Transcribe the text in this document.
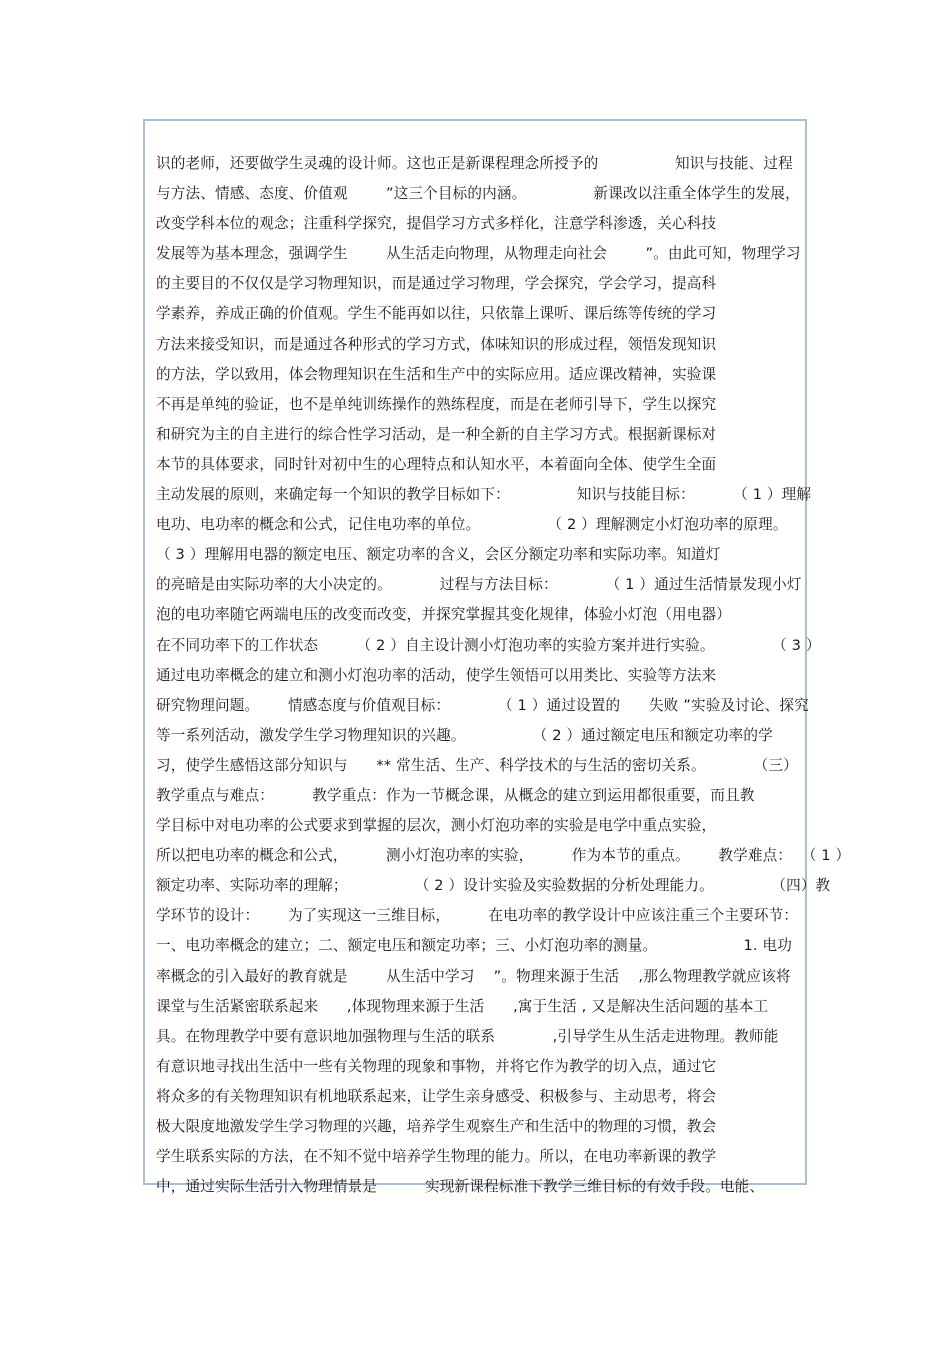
识的老师，还要做学生灵魂的设计师。这也正是新课程理念所授予的                知识与技能、过程
与方法、情感、态度、价值观        ”这三个目标的内涵。              新课改以注重全体学生的发展，
改变学科本位的观念；注重科学探究，提倡学习方式多样化，注意学科渗透，关心科技
发展等为基本理念，强调学生        从生活走向物理，从物理走向社会        ”。由此可知，物理学习
的主要目的不仅仅是学习物理知识，而是通过学习物理，学会探究，学会学习，提高科
学素养，养成正确的价值观。学生不能再如以往，只依靠上课听、课后练等传统的学习
方法来接受知识，而是通过各种形式的学习方式，体味知识的形成过程，领悟发现知识
的方法，学以致用，体会物理知识在生活和生产中的实际应用。适应课改精神，实验课
不再是单纯的验证，也不是单纯训练操作的熟练程度，而是在老师引导下，学生以探究
和研究为主的自主进行的综合性学习活动，是一种全新的自主学习方式。根据新课标对
本节的具体要求，同时针对初中生的心理特点和认知水平，本着面向全体、使学生全面
主动发展的原则，来确定每一个知识的教学目标如下：              知识与技能目标：        （ 1 ）理解
电功、电功率的概念和公式，记住电功率的单位。              （ 2 ）理解测定小灯泡功率的原理。
（ 3 ）理解用电器的额定电压、额定功率的含义，会区分额定功率和实际功率。知道灯
的亮暗是由实际功率的大小决定的。          过程与方法目标：          （ 1 ）通过生活情景发现小灯
泡的电功率随它两端电压的改变而改变，并探究掌握其变化规律，体验小灯泡（用电器）
在不同功率下的工作状态        （ 2 ）自主设计测小灯泡功率的实验方案并进行实验。            （ 3 ）
通过电功率概念的建立和测小灯泡功率的活动，使学生领悟可以用类比、实验等方法来
研究物理问题。      情感态度与价值观目标：          （ 1 ）通过设置的      失败 ”实验及讨论、探究
等一系列活动，激发学生学习物理知识的兴趣。              （ 2 ）通过额定电压和额定功率的学
习，使学生感悟这部分知识与      ** 常生活、生产、科学技术的与生活的密切关系。          （三）
教学重点与难点：        教学重点：作为一节概念课，从概念的建立到运用都很重要，而且教
学目标中对电功率的公式要求到掌握的层次，测小灯泡功率的实验是电学中重点实验，
所以把电功率的概念和公式，        测小灯泡功率的实验，        作为本节的重点。      教学难点：  （ 1 ）
额定功率、实际功率的理解；              （ 2 ）设计实验及实验数据的分析处理能力。            （四）教
学环节的设计：      为了实现这一三维目标，        在电功率的教学设计中应该注重三个主要环节：
一、电功率概念的建立；二、额定电压和额定功率；三、小灯泡功率的测量。                  1. 电功
率概念的引入最好的教育就是        从生活中学习    ”。物理来源于生活    ,那么物理教学就应该将
课堂与生活紧密联系起来      ,体现物理来源于生活      ,寓于生活 , 又是解决生活问题的基本工
具。在物理教学中要有意识地加强物理与生活的联系            ,引导学生从生活走进物理。教师能
有意识地寻找出生活中一些有关物理的现象和事物，并将它作为教学的切入点，通过它
将众多的有关物理知识有机地联系起来，让学生亲身感受、积极参与、主动思考，将会
极大限度地激发学生学习物理的兴趣，培养学生观察生产和生活中的物理的习惯，教会
学生联系实际的方法，在不知不觉中培养学生物理的能力。所以，在电功率新课的教学
中，通过实际生活引入物理情景是          实现新课程标准下教学三维目标的有效手段。电能、
